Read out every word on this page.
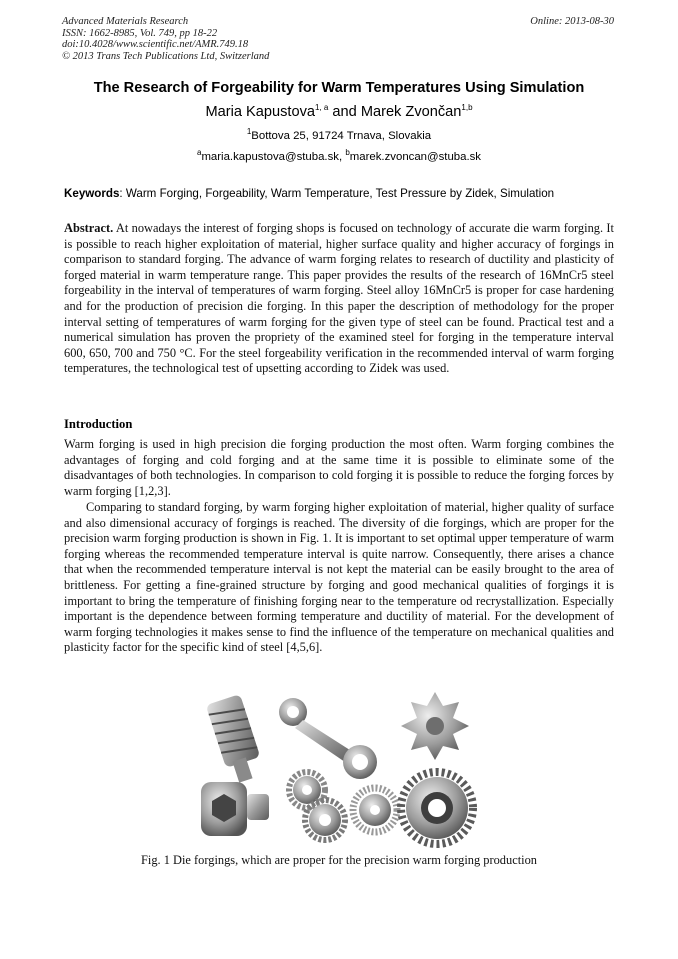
Advanced Materials Research
ISSN: 1662-8985, Vol. 749, pp 18-22
doi:10.4028/www.scientific.net/AMR.749.18
© 2013 Trans Tech Publications Ltd, Switzerland
Online: 2013-08-30
The Research of Forgeability for Warm Temperatures Using Simulation
Maria Kapustova$^{1, a}$ and Marek Zvončan$^{1,b}$
$^1$Bottova 25, 91724 Trnava, Slovakia
$^a$maria.kapustova@stuba.sk, $^b$marek.zvoncan@stuba.sk
Keywords: Warm Forging, Forgeability, Warm Temperature, Test Pressure by Zidek, Simulation
Abstract. At nowadays the interest of forging shops is focused on technology of accurate die warm forging. It is possible to reach higher exploitation of material, higher surface quality and higher accuracy of forgings in comparison to standard forging. The advance of warm forging relates to research of ductility and plasticity of forged material in warm temperature range. This paper provides the results of the research of 16MnCr5 steel forgeability in the interval of temperatures of warm forging. Steel alloy 16MnCr5 is proper for case hardening and for the production of precision die forging. In this paper the description of methodology for the proper interval setting of temperatures of warm forging for the given type of steel can be found. Practical test and a numerical simulation has proven the propriety of the examined steel for forging in the temperature interval 600, 650, 700 and 750 °C. For the steel forgeability verification in the recommended interval of warm forging temperatures, the technological test of upsetting according to Zidek was used.
Introduction
Warm forging is used in high precision die forging production the most often. Warm forging combines the advantages of forging and cold forging and at the same time it is possible to eliminate some of the disadvantages of both technologies. In comparison to cold forging it is possible to reduce the forging forces by warm forging [1,2,3].
Comparing to standard forging, by warm forging higher exploitation of material, higher quality of surface and also dimensional accuracy of forgings is reached. The diversity of die forgings, which are proper for the precision warm forging production is shown in Fig. 1. It is important to set optimal upper temperature of warm forging whereas the recommended temperature interval is quite narrow. Consequently, there arises a chance that when the recommended temperature interval is not kept the material can be easily brought to the area of brittleness. For getting a fine-grained structure by forging and good mechanical qualities of forgings it is important to bring the temperature of finishing forging near to the temperature od recrystallization. Especially important is the dependence between forming temperature and ductility of material. For the development of warm forging technologies it makes sense to find the influence of the temperature on mechanical qualities and plasticity factor for the specific kind of steel [4,5,6].
Fig. 1 Die forgings, which are proper for the precision warm forging production
